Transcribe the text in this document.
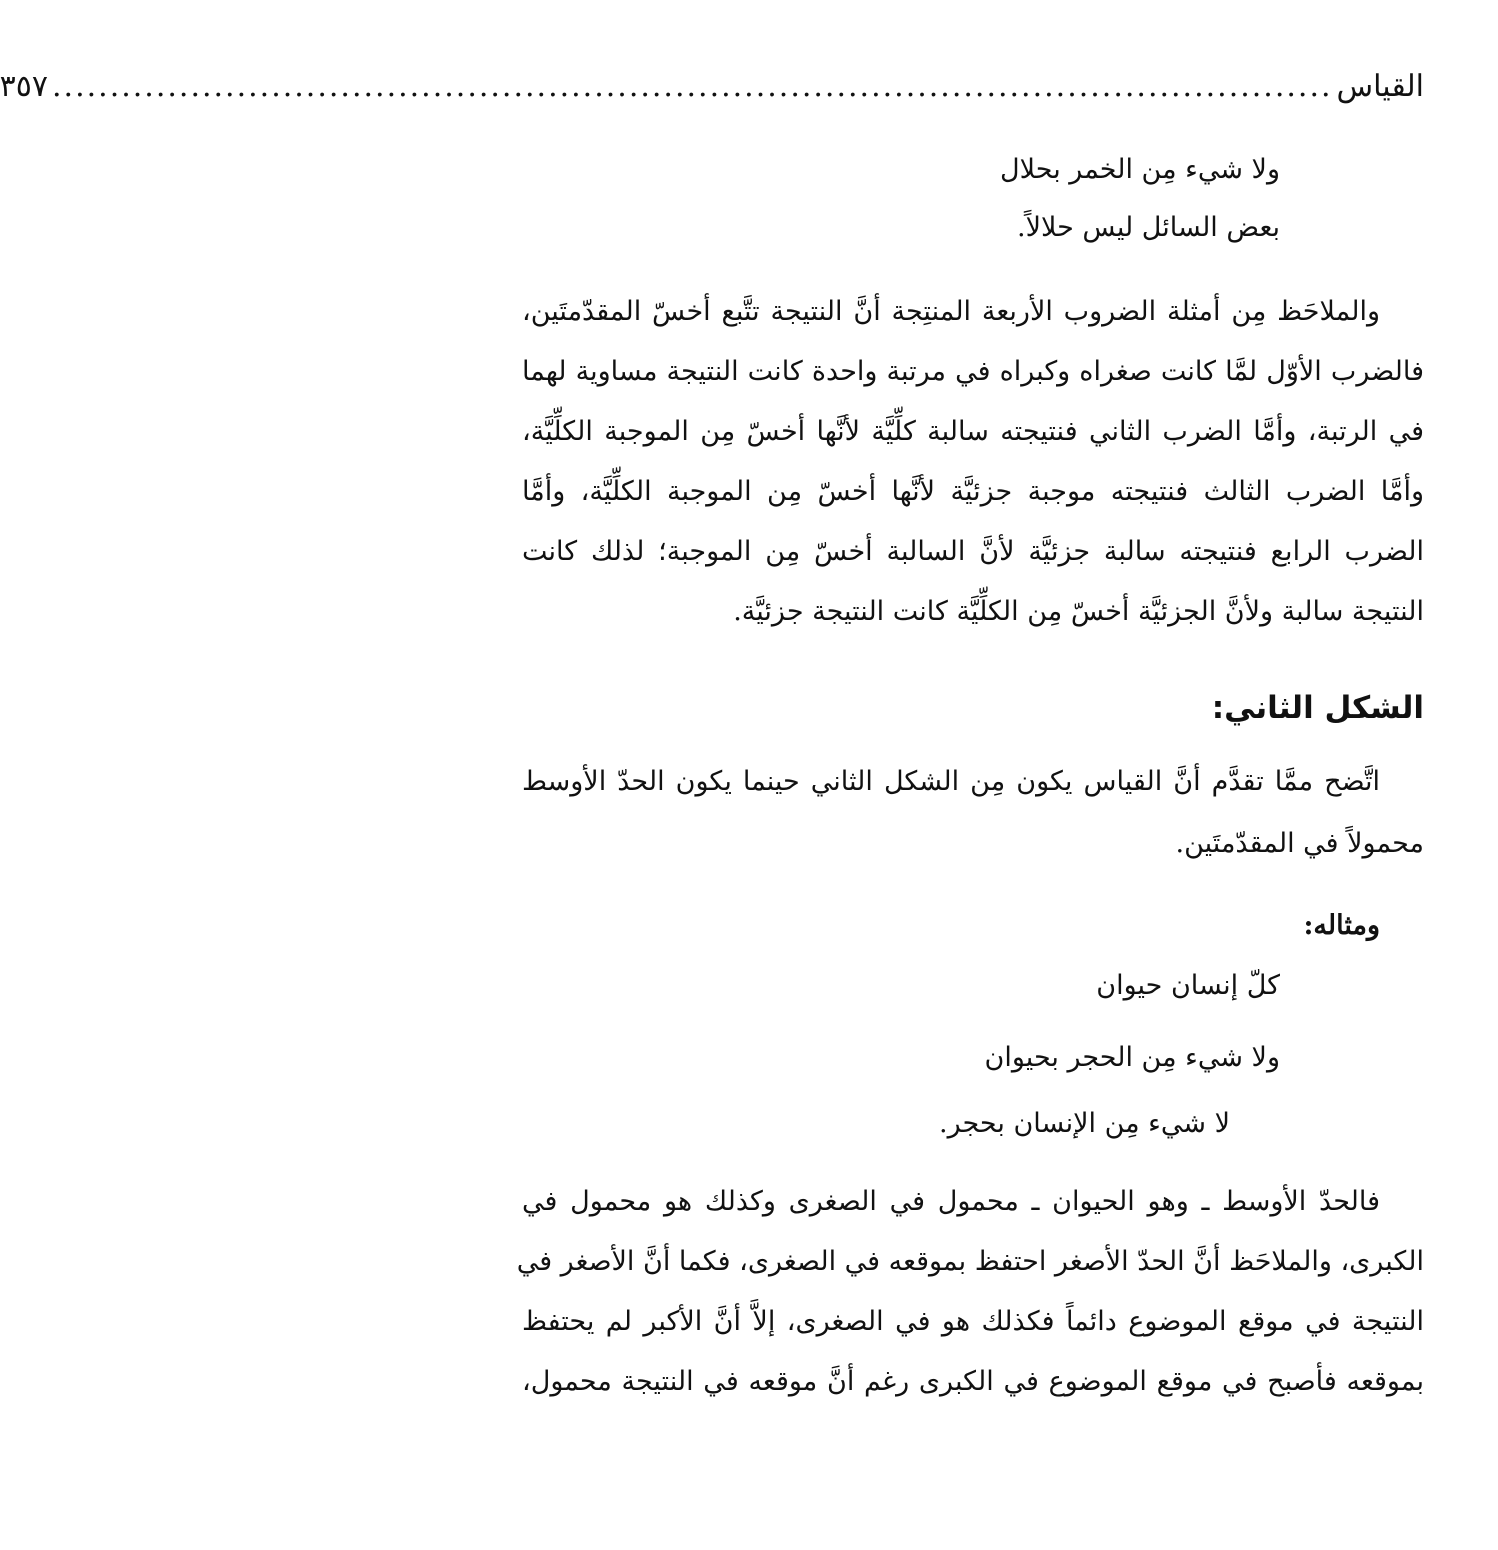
القياس
...............................................................................................................
٣٥٧
ولا شيء مِن الخمر بحلال
بعض السائل ليس حلالاً.
والملاحَظ مِن أمثلة الضروب الأربعة المنتِجة أنَّ النتيجة تتَّبع أخسّ المقدّمتَين،
فالضرب الأوّل لمَّا كانت صغراه وكبراه في مرتبة واحدة كانت النتيجة مساوية لهما
في الرتبة، وأمَّا الضرب الثاني فنتيجته سالبة كلِّيَّة لأنَّها أخسّ مِن الموجبة الكلِّيَّة،
وأمَّا الضرب الثالث فنتيجته موجبة جزئيَّة لأنَّها أخسّ مِن الموجبة الكلِّيَّة، وأمَّا
الضرب الرابع فنتيجته سالبة جزئيَّة لأنَّ السالبة أخسّ مِن الموجبة؛ لذلك كانت
النتيجة سالبة ولأنَّ الجزئيَّة أخسّ مِن الكلِّيَّة كانت النتيجة جزئيَّة.
الشكل الثاني:
اتَّضح ممَّا تقدَّم أنَّ القياس يكون مِن الشكل الثاني حينما يكون الحدّ الأوسط
محمولاً في المقدّمتَين.
ومثاله:
كلّ إنسان حيوان
ولا شيء مِن الحجر بحيوان
لا شيء مِن الإنسان بحجر.
فالحدّ الأوسط ـ وهو الحيوان ـ محمول في الصغرى وكذلك هو محمول في
الكبرى، والملاحَظ أنَّ الحدّ الأصغر احتفظ بموقعه في الصغرى، فكما أنَّ الأصغر في
النتيجة في موقع الموضوع دائماً فكذلك هو في الصغرى، إلاَّ أنَّ الأكبر لم يحتفظ
بموقعه فأصبح في موقع الموضوع في الكبرى رغم أنَّ موقعه في النتيجة محمول،
